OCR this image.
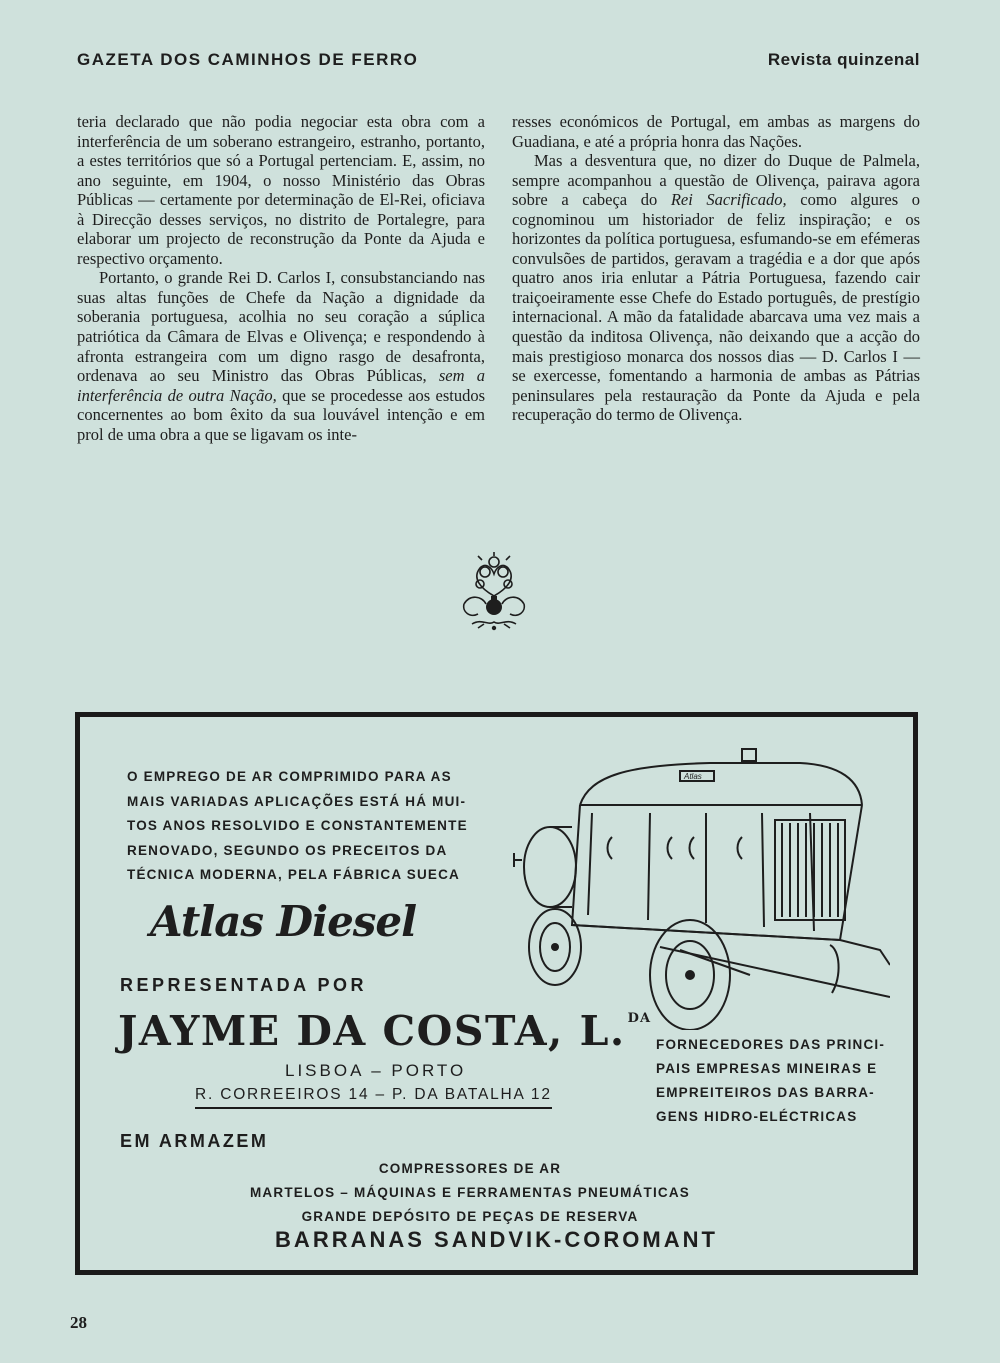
GAZETA DOS CAMINHOS DE FERRO	Revista quinzenal

teria declarado que não podia negociar esta obra com a interferência de um soberano estrangeiro, estranho, portanto, a estes territórios que só a Portugal pertenciam. E, assim, no ano seguinte, em 1904, o nosso Ministério das Obras Públicas — certamente por determinação de El-Rei, oficiava à Direcção desses serviços, no distrito de Portalegre, para elaborar um projecto de reconstrução da Ponte da Ajuda e respectivo orçamento.

Portanto, o grande Rei D. Carlos I, consubstanciando nas suas altas funções de Chefe da Nação a dignidade da soberania portuguesa, acolhia no seu coração a súplica patriótica da Câmara de Elvas e Olivença; e respondendo à afronta estrangeira com um digno rasgo de desafronta, ordenava ao seu Ministro das Obras Públicas, sem a interferência de outra Nação, que se procedesse aos estudos concernentes ao bom êxito da sua louvável intenção e em prol de uma obra a que se ligavam os inte-

resses económicos de Portugal, em ambas as margens do Guadiana, e até a própria honra das Nações.

Mas a desventura que, no dizer do Duque de Palmela, sempre acompanhou a questão de Olivença, pairava agora sobre a cabeça do Rei Sacrificado, como algures o cognominou um historiador de feliz inspiração; e os horizontes da política portuguesa, esfumando-se em efémeras convulsões de partidos, geravam a tragédia e a dor que após quatro anos iria enlutar a Pátria Portuguesa, fazendo cair traiçoeiramente esse Chefe do Estado português, de prestígio internacional. A mão da fatalidade abarcava uma vez mais a questão da inditosa Olivença, não deixando que a acção do mais prestigioso monarca dos nossos dias — D. Carlos I — se exercesse, fomentando a harmonia de ambas as Pátrias peninsulares pela restauração da Ponte da Ajuda e pela recuperação do termo de Olivença.

O EMPREGO DE AR COMPRIMIDO PARA AS
MAIS VARIADAS APLICAÇÕES ESTÁ HÁ MUI-
TOS ANOS RESOLVIDO E CONSTANTEMENTE
RENOVADO, SEGUNDO OS PRECEITOS DA
TÉCNICA MODERNA, PELA FÁBRICA SUECA
Atlas
Atlas Diesel
REPRESENTADA POR
JAYME DA COSTA, L. $^{DA}$
LISBOA – PORTO
R. CORREEIROS 14 – P. DA BATALHA 12
FORNECEDORES DAS PRINCI-
PAIS EMPRESAS MINEIRAS E
EMPREITEIROS DAS BARRA-
GENS HIDRO-ELÉCTRICAS
EM ARMAZEM
COMPRESSORES DE AR
MARTELOS – MÁQUINAS E FERRAMENTAS PNEUMÁTICAS
GRANDE DEPÓSITO DE PEÇAS DE RESERVA
BARRANAS SANDVIK-COROMANT
28
